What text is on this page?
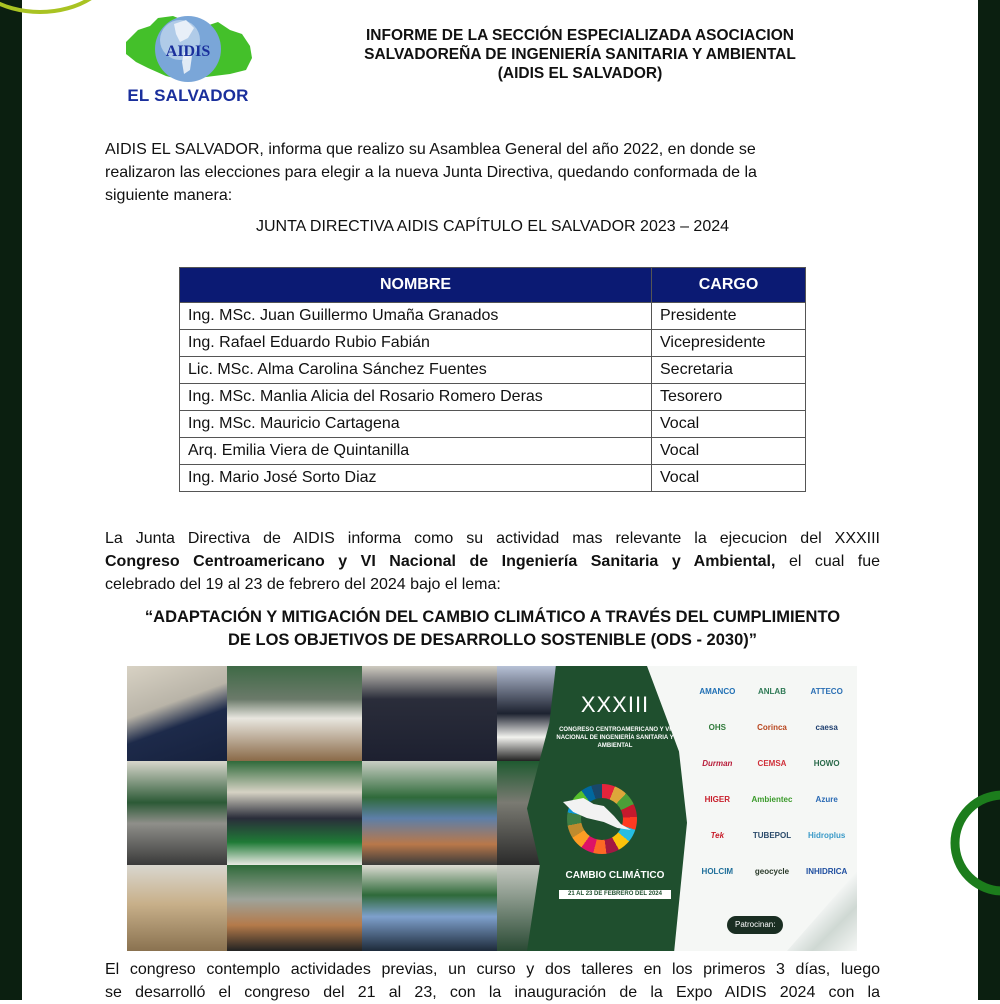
AIDIS
EL SALVADOR
INFORME DE LA SECCIÓN ESPECIALIZADA ASOCIACION
SALVADOREÑA DE INGENIERÍA SANITARIA Y AMBIENTAL
(AIDIS EL SALVADOR)
AIDIS EL SALVADOR, informa que realizo su Asamblea General del año 2022, en donde se
realizaron las elecciones para elegir a la nueva Junta Directiva, quedando conformada de la
siguiente manera:
JUNTA DIRECTIVA AIDIS CAPÍTULO EL SALVADOR 2023 – 2024
NOMBRE	CARGO
Ing. MSc. Juan Guillermo Umaña Granados	Presidente
Ing. Rafael Eduardo Rubio Fabián	Vicepresidente
Lic. MSc. Alma Carolina Sánchez Fuentes	Secretaria
Ing. MSc. Manlia Alicia del Rosario Romero Deras	Tesorero
Ing. MSc. Mauricio Cartagena	Vocal
Arq. Emilia Viera de Quintanilla	Vocal
Ing. Mario José Sorto Diaz	Vocal
La Junta Directiva de AIDIS informa como su actividad mas relevante la ejecucion del XXXIII
Congreso Centroamericano y VI Nacional de Ingeniería Sanitaria y Ambiental, el cual fue
celebrado del 19 al 23 de febrero del 2024 bajo el lema:
“ADAPTACIÓN Y MITIGACIÓN DEL CAMBIO CLIMÁTICO A TRAVÉS DEL CUMPLIMIENTO
DE LOS OBJETIVOS DE DESARROLLO SOSTENIBLE (ODS - 2030)”
XXXIII
CONGRESO CENTROAMERICANO Y VI NACIONAL DE INGENIERÍA SANITARIA Y AMBIENTAL
CAMBIO CLIMÁTICO
21 AL 23 DE FEBRERO DEL 2024
AMANCO	ANLAB	ATTECO
OHS	Corinca	caesa
Durman	CEMSA	HOWO
HIGER	Ambientec	Azure
Tek	TUBEPOL	Hidroplus
HOLCIM	geocycle	INHIDRICA
Patrocinan:
El congreso contemplo actividades previas, un curso y dos talleres en los primeros 3 días, luego
se desarrolló el congreso del 21 al 23, con la inauguración de la Expo AIDIS 2024 con la
